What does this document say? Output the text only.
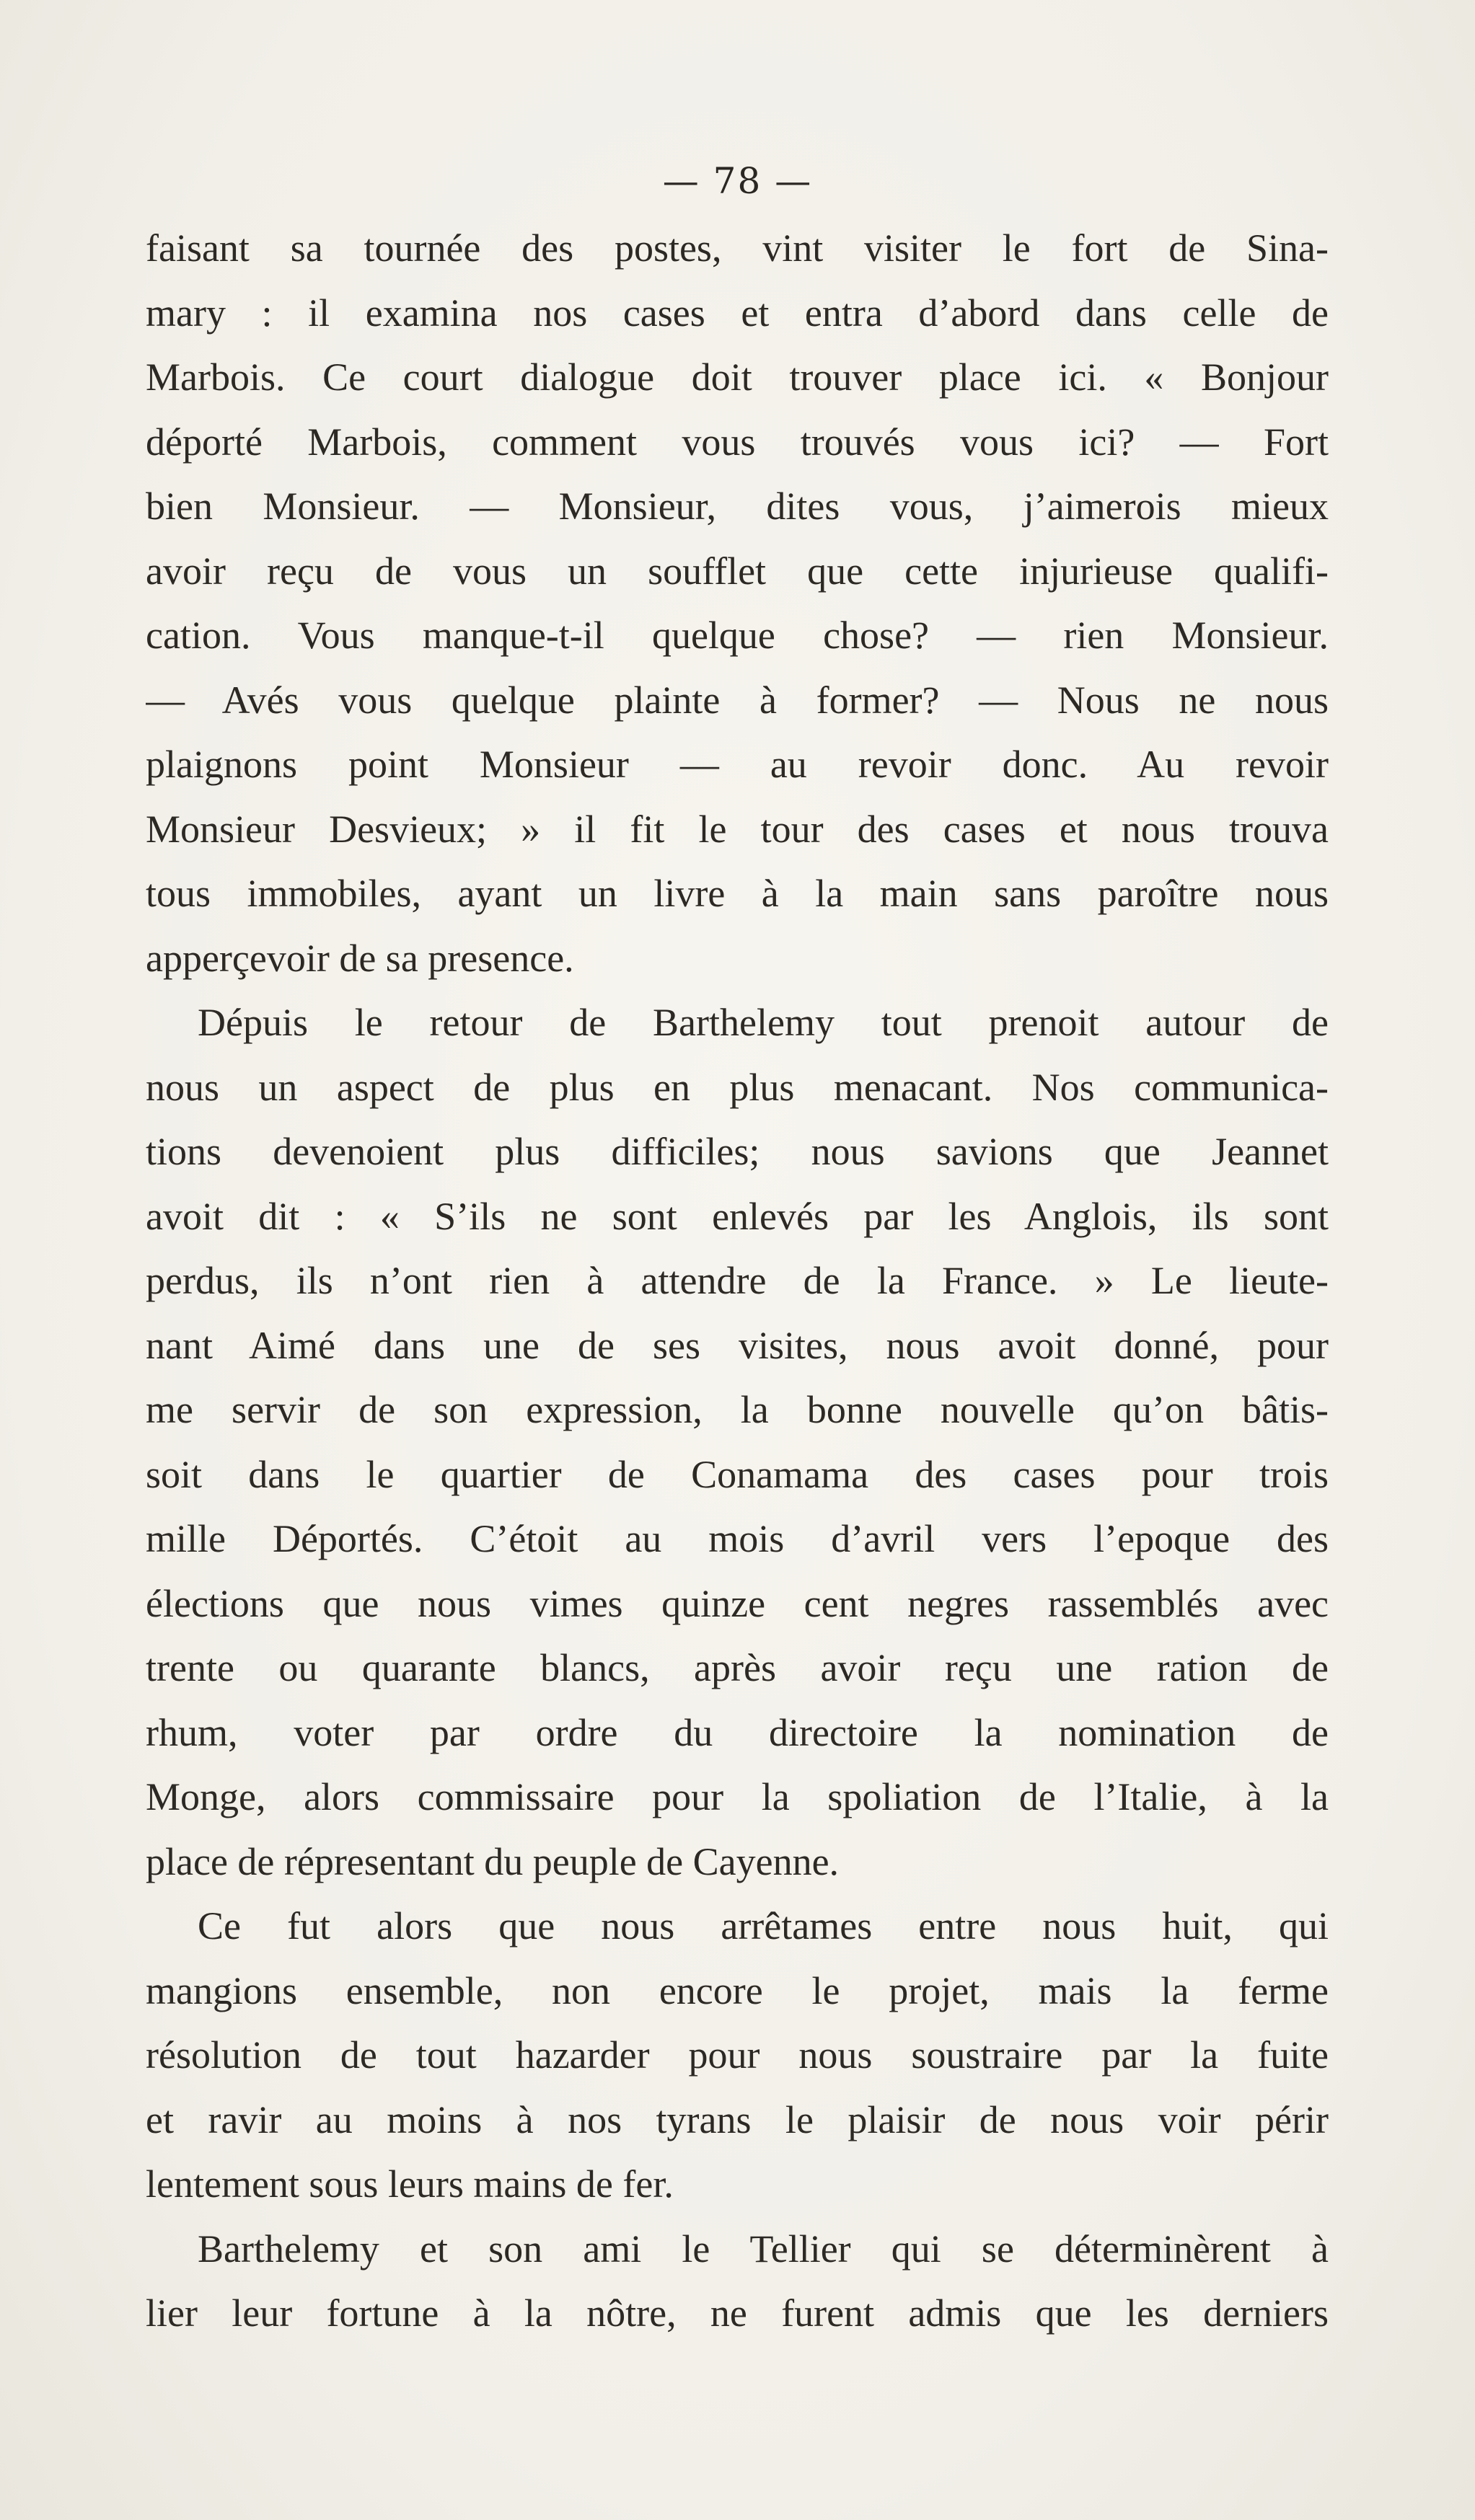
— 78 —
faisant sa tournée des postes, vint visiter le fort de Sina-
mary : il examina nos cases et entra d’abord dans celle de
Marbois. Ce court dialogue doit trouver place ici. « Bonjour
déporté Marbois, comment vous trouvés vous ici? — Fort
bien Monsieur. — Monsieur, dites vous, j’aimerois mieux
avoir reçu de vous un soufflet que cette injurieuse qualifi-
cation. Vous manque-t-il quelque chose? — rien Monsieur.
— Avés vous quelque plainte à former? — Nous ne nous
plaignons point Monsieur — au revoir donc. Au revoir
Monsieur Desvieux; » il fit le tour des cases et nous trouva
tous immobiles, ayant un livre à la main sans paroître nous
apperçevoir de sa presence.
Dépuis le retour de Barthelemy tout prenoit autour de
nous un aspect de plus en plus menacant. Nos communica-
tions devenoient plus difficiles; nous savions que Jeannet
avoit dit : « S’ils ne sont enlevés par les Anglois, ils sont
perdus, ils n’ont rien à attendre de la France. » Le lieute-
nant Aimé dans une de ses visites, nous avoit donné, pour
me servir de son expression, la bonne nouvelle qu’on bâtis-
soit dans le quartier de Conamama des cases pour trois
mille Déportés. C’étoit au mois d’avril vers l’epoque des
élections que nous vimes quinze cent negres rassemblés avec
trente ou quarante blancs, après avoir reçu une ration de
rhum, voter par ordre du directoire la nomination de
Monge, alors commissaire pour la spoliation de l’Italie, à la
place de répresentant du peuple de Cayenne.
Ce fut alors que nous arrêtames entre nous huit, qui
mangions ensemble, non encore le projet, mais la ferme
résolution de tout hazarder pour nous soustraire par la fuite
et ravir au moins à nos tyrans le plaisir de nous voir périr
lentement sous leurs mains de fer.
Barthelemy et son ami le Tellier qui se déterminèrent à
lier leur fortune à la nôtre, ne furent admis que les derniers
